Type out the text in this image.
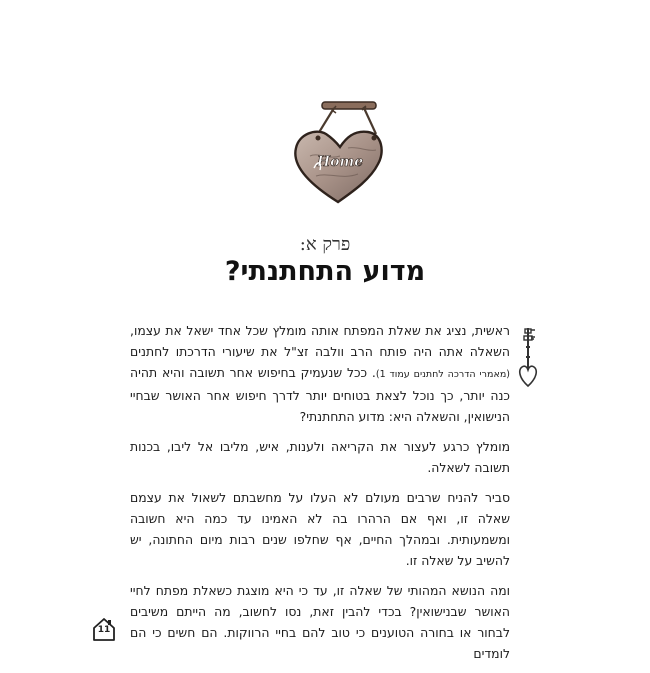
Home
פרק א:
מדוע התחתנתי?

ראשית, נציג את שאלת המפתח אותה מומלץ שכל אחד ישאל את עצמו, השאלה אתה היה פותח הרב וולבה זצ"ל את שיעורי הדרכתו לחתנים (מאמרי הדרכה לחתנים עמוד 1). ככל שנעמיק בחיפוש אחר תשובה והיא תהיה כנה יותר, כך נוכל לצאת בטוחים יותר לדרך חיפוש אחר האושר שבחיי הנישואין, והשאלה היא: מדוע התחתנתי?

מומלץ כרגע לעצור את הקריאה ולענות, איש, מליבו אל ליבו, בכנות תשובה לשאלה.

סביר להניח שרבים מעולם לא העלו על מחשבתם לשאול את עצמם שאלה זו, ואף אם הרהרו בה לא האמינו עד כמה היא חשובה ומשמעותית. ובמהלך החיים, אף שחלפו שנים רבות מיום החתונה, יש להשיב על שאלה זו.

ומה הנושא המהותי של שאלה זו, עד כי היא מוצגת כשאלת מפתח לחיי האושר שבנישואין? בכדי להבין זאת, נסו לחשוב, מה הייתם משיבים לבחור או בחורה הטוענים כי טוב להם בחיי הרווקות. הם חשים כי הם לומדים

11
